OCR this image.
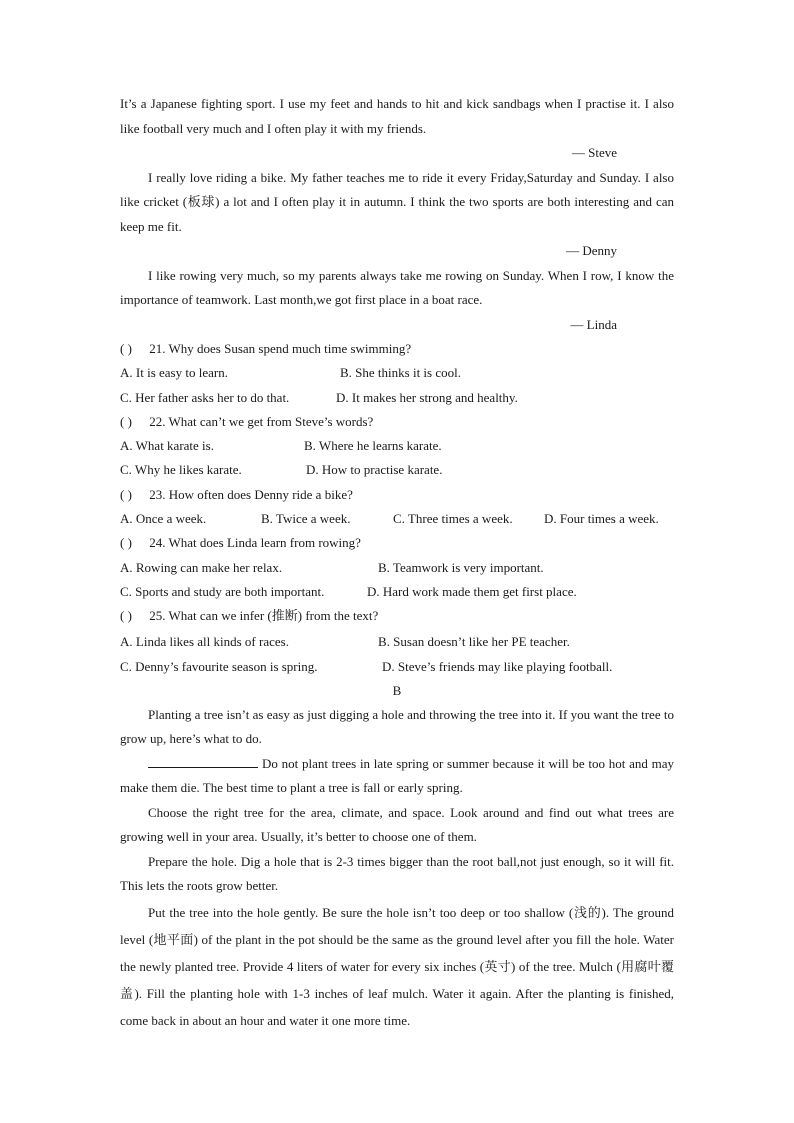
It’s a Japanese fighting sport. I use my feet and hands to hit and kick sandbags when I practise it. I also like football very much and I often play it with my friends.
— Steve
I really love riding a bike. My father teaches me to ride it every Friday,Saturday and Sunday. I also like cricket (板球) a lot and I often play it in autumn. I think the two sports are both interesting and can keep me fit.
— Denny
I like rowing very much, so my parents always take me rowing on Sunday. When I row, I know the importance of teamwork. Last month,we got first place in a boat race.
— Linda
( ) 21. Why does Susan spend much time swimming?
A. It is easy to learn.	B. She thinks it is cool.
C. Her father asks her to do that.	D. It makes her strong and healthy.
( ) 22. What can’t we get from Steve’s words?
A. What karate is.	B. Where he learns karate.
C. Why he likes karate.	D. How to practise karate.
( ) 23. How often does Denny ride a bike?
A. Once a week.	B. Twice a week.	C. Three times a week. D. Four times a week.
( ) 24. What does Linda learn from rowing?
A. Rowing can make her relax.	B. Teamwork is very important.
C. Sports and study are both important.	D. Hard work made them get first place.
( ) 25. What can we infer (推断) from the text?
A. Linda likes all kinds of races.	B. Susan doesn’t like her PE teacher.
C. Denny’s favourite season is spring.	D. Steve’s friends may like playing football.
B
Planting a tree isn’t as easy as just digging a hole and throwing the tree into it. If you want the tree to grow up, here’s what to do.
Do not plant trees in late spring or summer because it will be too hot and may make them die. The best time to plant a tree is fall or early spring.
Choose the right tree for the area, climate, and space. Look around and find out what trees are growing well in your area. Usually, it’s better to choose one of them.
Prepare the hole. Dig a hole that is 2-3 times bigger than the root ball,not just enough, so it will fit. This lets the roots grow better.
Put the tree into the hole gently. Be sure the hole isn’t too deep or too shallow (浅的). The ground level (地平面) of the plant in the pot should be the same as the ground level after you fill the hole. Water the newly planted tree. Provide 4 liters of water for every six inches (英寸) of the tree. Mulch (用腐叶覆盖). Fill the planting hole with 1-3 inches of leaf mulch. Water it again. After the planting is finished, come back in about an hour and water it one more time.
